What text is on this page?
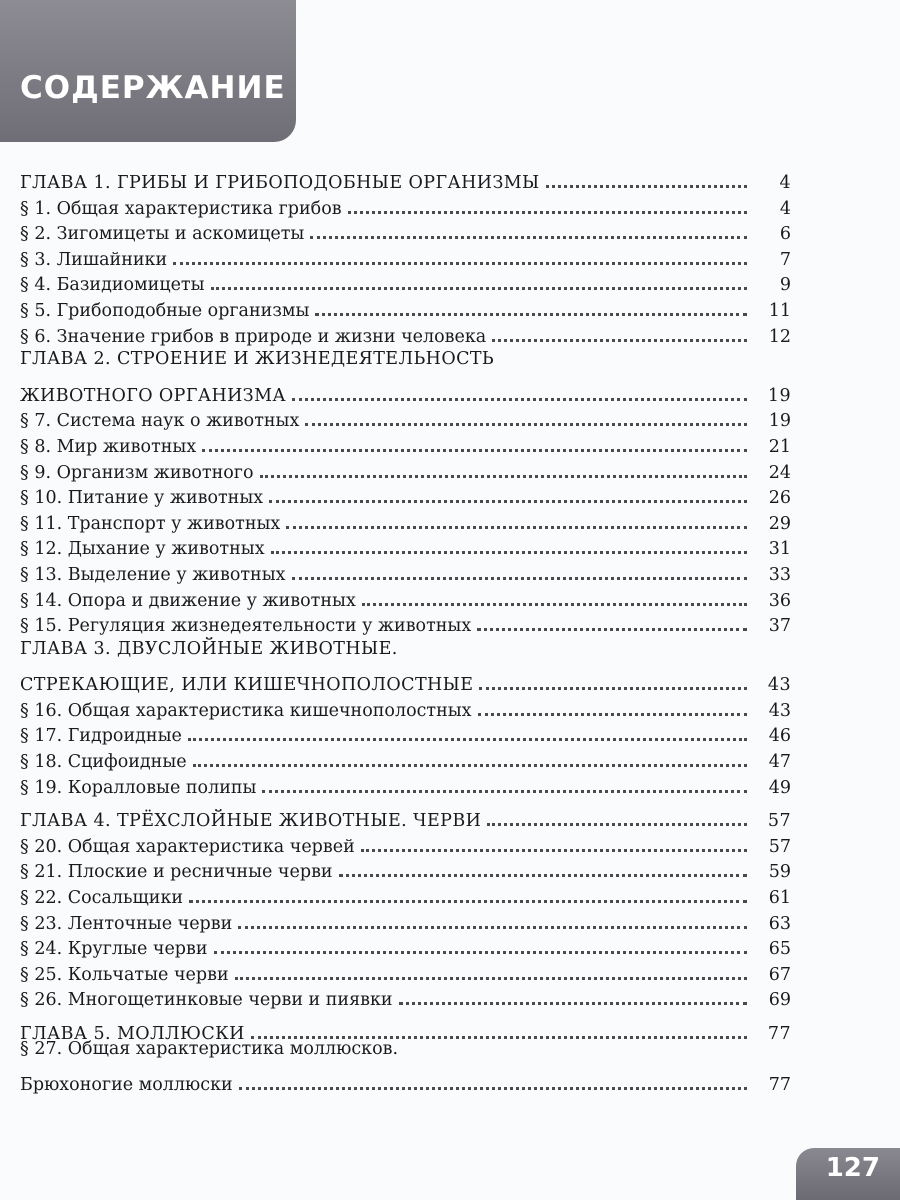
СОДЕРЖАНИЕ
ГЛАВА 1. ГРИБЫ И ГРИБОПОДОБНЫЕ ОРГАНИЗМЫ	4
§ 1. Общая характеристика грибов	4
§ 2. Зигомицеты и аскомицеты	6
§ 3. Лишайники	7
§ 4. Базидиомицеты	9
§ 5. Грибоподобные организмы	11
§ 6. Значение грибов в природе и жизни человека	12
ГЛАВА 2. СТРОЕНИЕ И ЖИЗНЕДЕЯТЕЛЬНОСТЬ
ЖИВОТНОГО ОРГАНИЗМА	19
§ 7. Система наук о животных	19
§ 8. Мир животных	21
§ 9. Организм животного	24
§ 10. Питание у животных	26
§ 11. Транспорт у животных	29
§ 12. Дыхание у животных	31
§ 13. Выделение у животных	33
§ 14. Опора и движение у животных	36
§ 15. Регуляция жизнедеятельности у животных	37
ГЛАВА 3. ДВУСЛОЙНЫЕ ЖИВОТНЫЕ.
СТРЕКАЮЩИЕ, ИЛИ КИШЕЧНОПОЛОСТНЫЕ	43
§ 16. Общая характеристика кишечнополостных	43
§ 17. Гидроидные	46
§ 18. Сцифоидные	47
§ 19. Коралловые полипы	49
ГЛАВА 4. ТРЁХСЛОЙНЫЕ ЖИВОТНЫЕ. ЧЕРВИ	57
§ 20. Общая характеристика червей	57
§ 21. Плоские и ресничные черви	59
§ 22. Сосальщики	61
§ 23. Ленточные черви	63
§ 24. Круглые черви	65
§ 25. Кольчатые черви	67
§ 26. Многощетинковые черви и пиявки	69
ГЛАВА 5. МОЛЛЮСКИ	77
§ 27. Общая характеристика моллюсков.
Брюхоногие моллюски	77
127
